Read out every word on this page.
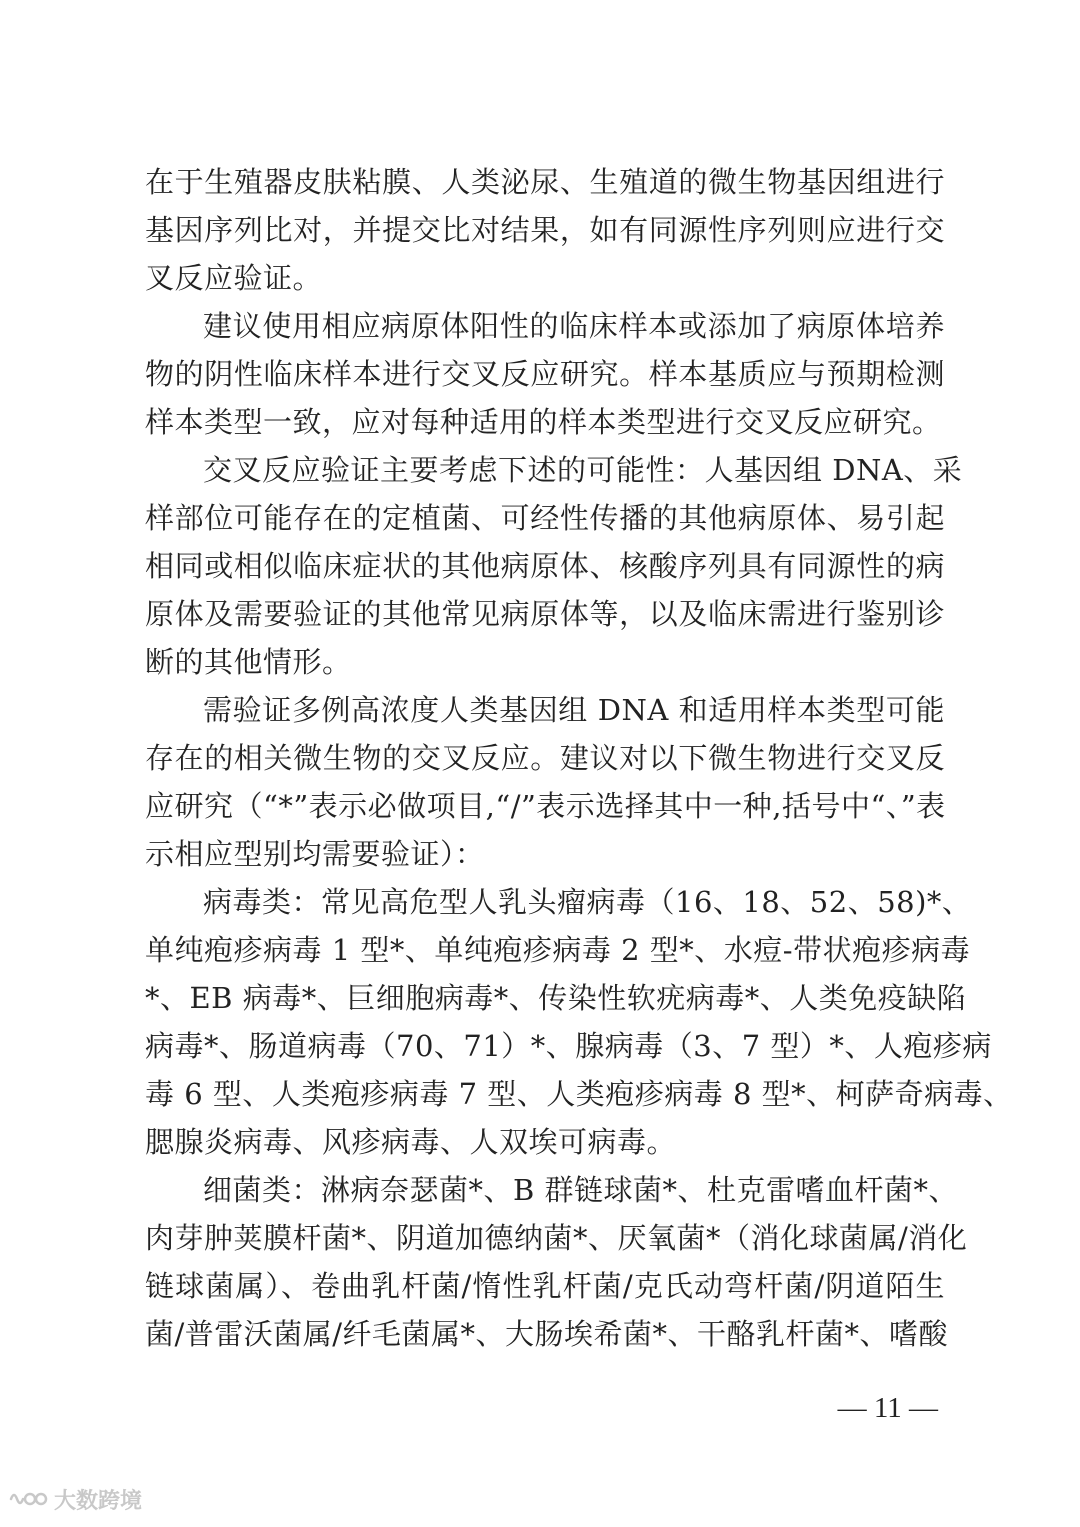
在于生殖器皮肤粘膜、人类泌尿、生殖道的微生物基因组进行
基因序列比对，并提交比对结果，如有同源性序列则应进行交
叉反应验证。
建议使用相应病原体阳性的临床样本或添加了病原体培养
物的阴性临床样本进行交叉反应研究。样本基质应与预期检测
样本类型一致，应对每种适用的样本类型进行交叉反应研究。
交叉反应验证主要考虑下述的可能性：人基因组 DNA、采
样部位可能存在的定植菌、可经性传播的其他病原体、易引起
相同或相似临床症状的其他病原体、核酸序列具有同源性的病
原体及需要验证的其他常见病原体等，以及临床需进行鉴别诊
断的其他情形。
需验证多例高浓度人类基因组 DNA 和适用样本类型可能
存在的相关微生物的交叉反应。建议对以下微生物进行交叉反
应研究（“*”表示必做项目,“/”表示选择其中一种,括号中“、”表
示相应型别均需要验证）：
病毒类：常见高危型人乳头瘤病毒（16、18、52、58)*、
单纯疱疹病毒 1 型*、单纯疱疹病毒 2 型*、水痘-带状疱疹病毒
*、EB 病毒*、巨细胞病毒*、传染性软疣病毒*、人类免疫缺陷
病毒*、肠道病毒（70、71）*、腺病毒（3、7 型）*、人疱疹病
毒 6 型、人类疱疹病毒 7 型、人类疱疹病毒 8 型*、柯萨奇病毒、
腮腺炎病毒、风疹病毒、人双埃可病毒。
细菌类：淋病奈瑟菌*、B 群链球菌*、杜克雷嗜血杆菌*、
肉芽肿荚膜杆菌*、阴道加德纳菌*、厌氧菌*（消化球菌属/消化
链球菌属）、卷曲乳杆菌/惰性乳杆菌/克氏动弯杆菌/阴道陌生
菌/普雷沃菌属/纤毛菌属*、大肠埃希菌*、干酪乳杆菌*、嗜酸
— 11 —
大数跨境
